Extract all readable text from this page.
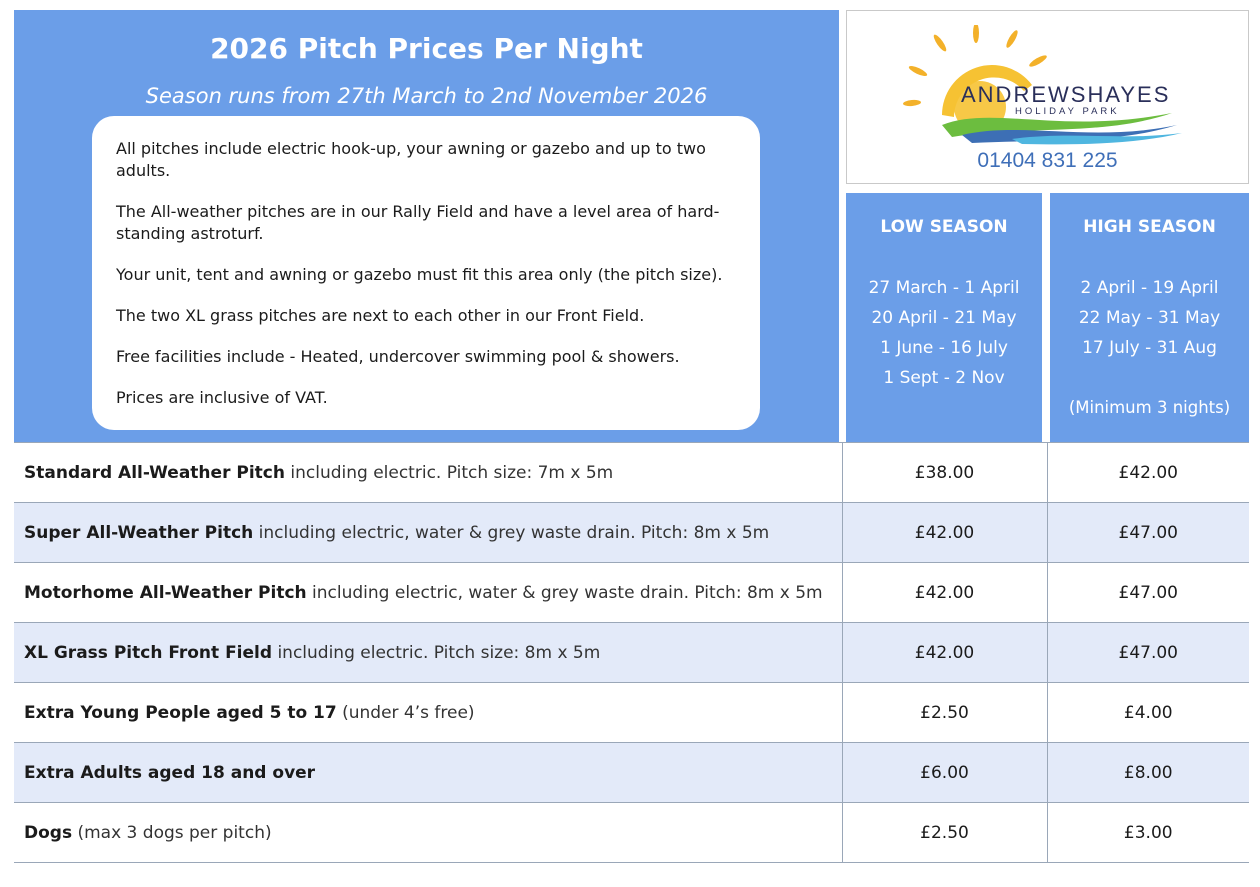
2026 Pitch Prices Per Night
Season runs from 27th March to 2nd November 2026

All pitches include electric hook-up, your awning or gazebo and up to two adults.

The All-weather pitches are in our Rally Field and have a level area of hard-standing astroturf.

Your unit, tent and awning or gazebo must fit this area only (the pitch size).

The two XL grass pitches are next to each other in our Front Field.

Free facilities include - Heated, undercover swimming pool & showers.

Prices are inclusive of VAT.

ANDREWSHAYES
HOLIDAY PARK
01404 831 225
LOW SEASON
27 March - 1 April
20 April - 21 May
1 June - 16 July
1 Sept - 2 Nov
HIGH SEASON
2 April - 19 April
22 May - 31 May
17 July - 31 Aug
(Minimum 3 nights)
Standard All-Weather Pitch including electric. Pitch size: 7m x 5m	£38.00	£42.00
Super All-Weather Pitch including electric, water & grey waste drain. Pitch: 8m x 5m	£42.00	£47.00
Motorhome All-Weather Pitch including electric, water & grey waste drain. Pitch: 8m x 5m	£42.00	£47.00
XL Grass Pitch Front Field including electric. Pitch size: 8m x 5m	£42.00	£47.00
Extra Young People aged 5 to 17 (under 4’s free)	£2.50	£4.00
Extra Adults aged 18 and over	£6.00	£8.00
Dogs (max 3 dogs per pitch)	£2.50	£3.00
